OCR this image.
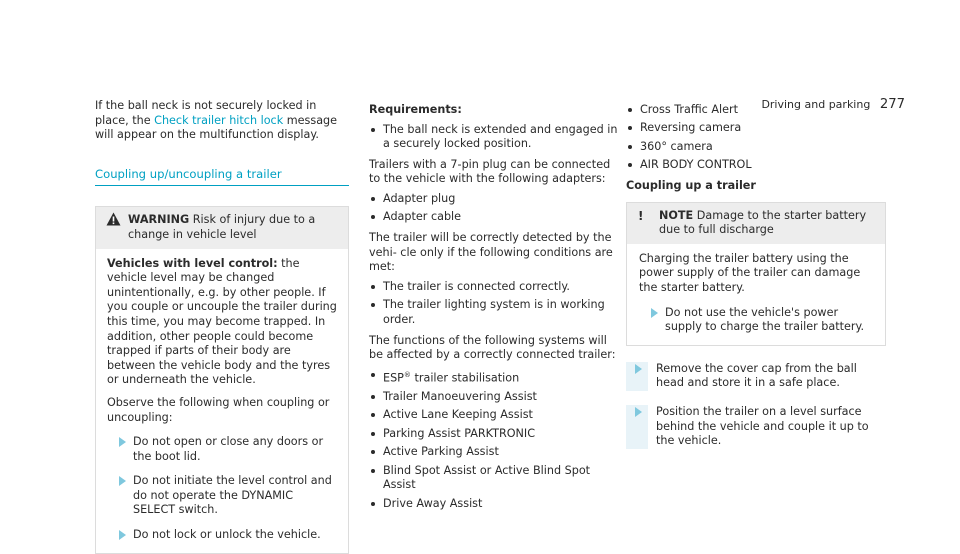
Driving and parking 277

If the ball neck is not securely locked in place, the Check trailer hitch lock message will appear on the multifunction display.

Coupling up/uncoupling a trailer
WARNING Risk of injury due to a change in vehicle level

Vehicles with level control: the vehicle level may be changed unintentionally, e.g. by other people. If you couple or uncouple the trailer during this time, you may become trapped. In addition, other people could become trapped if parts of their body are between the vehicle body and the tyres or underneath the vehicle.

Observe the following when coupling or uncoupling:

Do not open or close any doors or the boot lid.
Do not initiate the level control and do not operate the DYNAMIC SELECT switch.
Do not lock or unlock the vehicle.

Requirements:

The ball neck is extended and engaged in a securely locked position.

Trailers with a 7-pin plug can be connected to the vehicle with the following adapters:

Adapter plug
Adapter cable

The trailer will be correctly detected by the vehi- cle only if the following conditions are met:

The trailer is connected correctly.
The trailer lighting system is in working order.

The functions of the following systems will be affected by a correctly connected trailer:

ESP® trailer stabilisation
Trailer Manoeuvering Assist
Active Lane Keeping Assist
Parking Assist PARKTRONIC
Active Parking Assist
Blind Spot Assist or Active Blind Spot Assist
Drive Away Assist
Cross Traffic Alert
Reversing camera
360° camera
AIR BODY CONTROL

Coupling up a trailer

! NOTE Damage to the starter battery due to full discharge

Charging the trailer battery using the power supply of the trailer can damage the starter battery.

Do not use the vehicle's power supply to charge the trailer battery.
Remove the cover cap from the ball head and store it in a safe place.
Position the trailer on a level surface behind the vehicle and couple it up to the vehicle.
